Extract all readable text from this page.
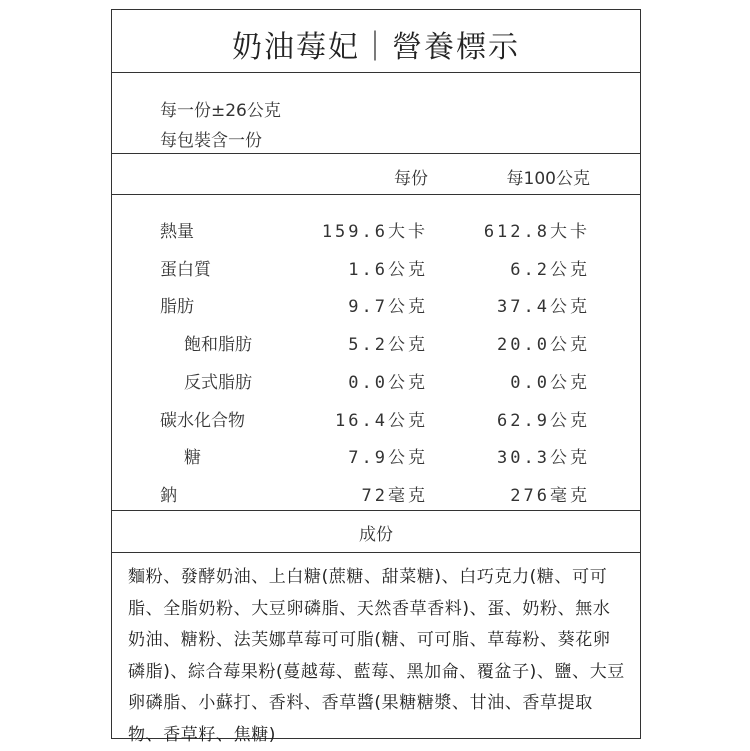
奶油莓妃｜營養標示
每一份±26公克
每包裝含一份
每份	每100公克
熱量	159.6大卡	612.8大卡
蛋白質	1.6公克	6.2公克
脂肪	9.7公克	37.4公克
飽和脂肪	5.2公克	20.0公克
反式脂肪	0.0公克	0.0公克
碳水化合物	16.4公克	62.9公克
糖	7.9公克	30.3公克
鈉	72毫克	276毫克
成份
麵粉、發酵奶油、上白糖(蔗糖、甜菜糖)、白巧克力(糖、可可脂、全脂奶粉、大豆卵磷脂、天然香草香料)、蛋、奶粉、無水奶油、糖粉、法芙娜草莓可可脂(糖、可可脂、草莓粉、葵花卵磷脂)、綜合莓果粉(蔓越莓、藍莓、黑加侖、覆盆子)、鹽、大豆卵磷脂、小蘇打、香料、香草醬(果糖糖漿、甘油、香草提取物、香草籽、焦糖)
